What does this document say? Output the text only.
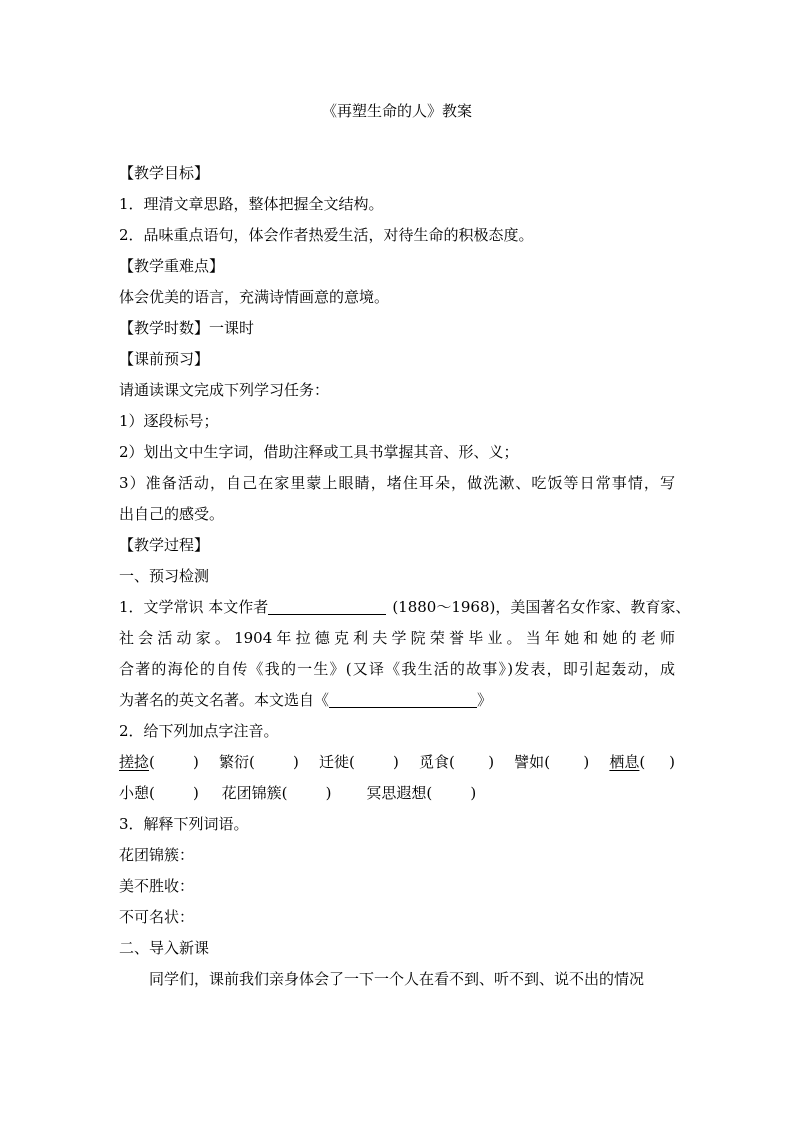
《再塑生命的人》教案
【教学目标】
1．理清文章思路，整体把握全文结构。
2．品味重点语句，体会作者热爱生活，对待生命的积极态度。
【教学重难点】
体会优美的语言，充满诗情画意的意境。
【教学时数】一课时
【课前预习】
请通读课文完成下列学习任务：
1）逐段标号；
2）划出文中生字词，借助注释或工具书掌握其音、形、义；
3）准备活动，自己在家里蒙上眼睛，堵住耳朵，做洗漱、吃饭等日常事情，写
出自己的感受。
【教学过程】
一、预习检测
1．文学常识 本文作者	(1880～1968)，美国著名女作家、教育家、
社会活动家。1904年拉德克利夫学院荣誉毕业。当年她和她的老师
合著的海伦的自传《我的一生》(又译《我生活的故事》)发表，即引起轰动，成
为著名的英文名著。本文选自《	》
2．给下列加点字注音。
搓捻(        ) 繁衍(        ) 迁徙(        ) 觅食(       ) 譬如(       ) 栖息(     )
小憩(        ) 花团锦簇(        ) 冥思遐想(        )
3．解释下列词语。
花团锦簇：
美不胜收：
不可名状：
二、导入新课
同学们，课前我们亲身体会了一下一个人在看不到、听不到、说不出的情况
